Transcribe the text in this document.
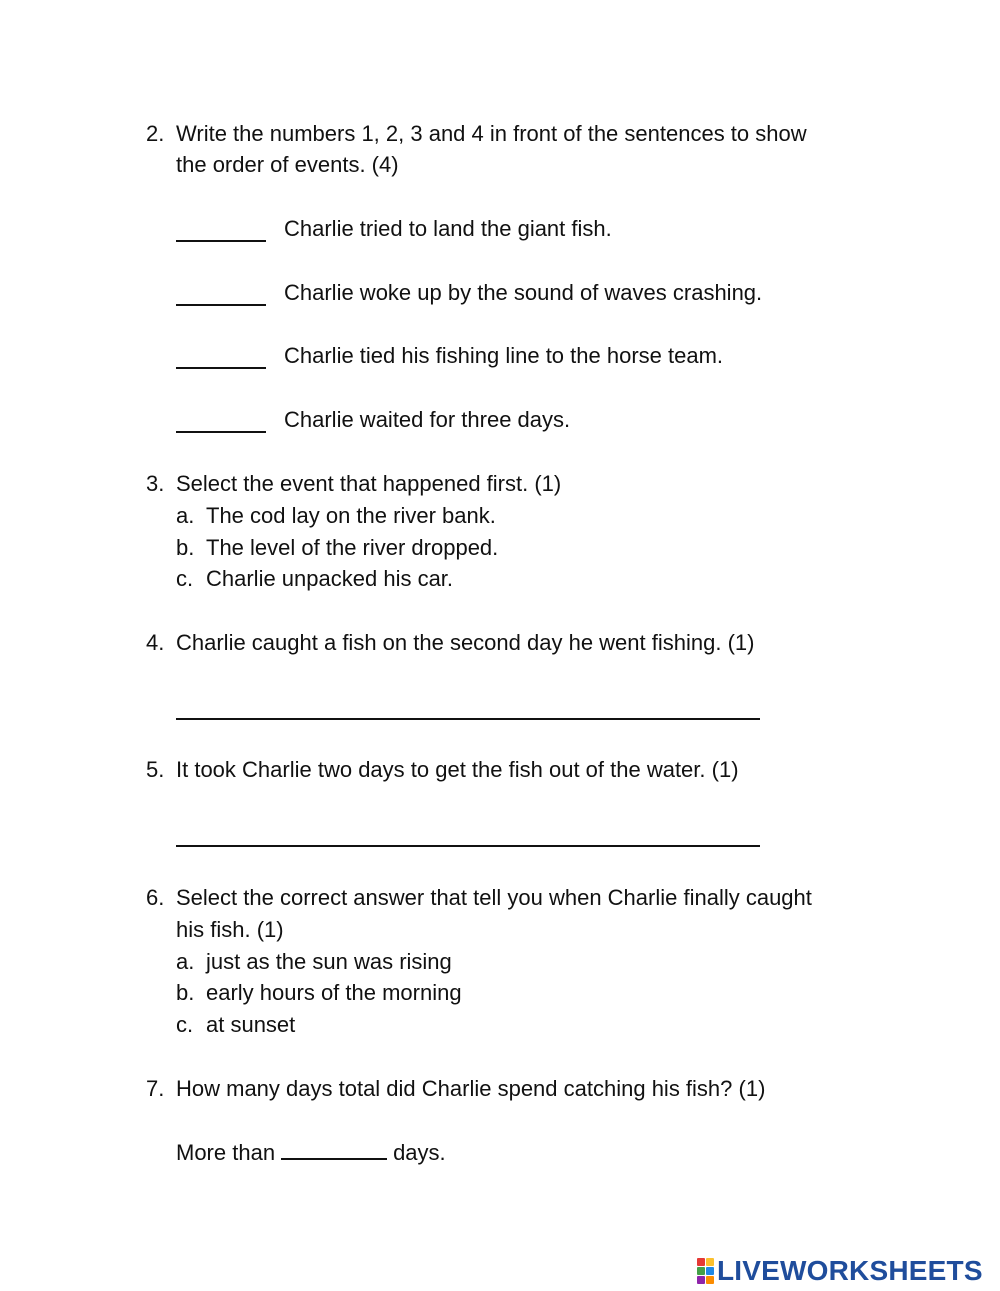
2. Write the numbers 1, 2, 3 and 4 in front of the sentences to show
the order of events. (4)
Charlie tried to land the giant fish.
Charlie woke up by the sound of waves crashing.
Charlie tied his fishing line to the horse team.
Charlie waited for three days.
3. Select the event that happened first. (1)
a. The cod lay on the river bank.
b. The level of the river dropped.
c. Charlie unpacked his car.
4. Charlie caught a fish on the second day he went fishing. (1)
5. It took Charlie two days to get the fish out of the water. (1)
6. Select the correct answer that tell you when Charlie finally caught
his fish. (1)
a. just as the sun was rising
b. early hours of the morning
c. at sunset
7. How many days total did Charlie spend catching his fish? (1)
More than	days.
LIVEWORKSHEETS
